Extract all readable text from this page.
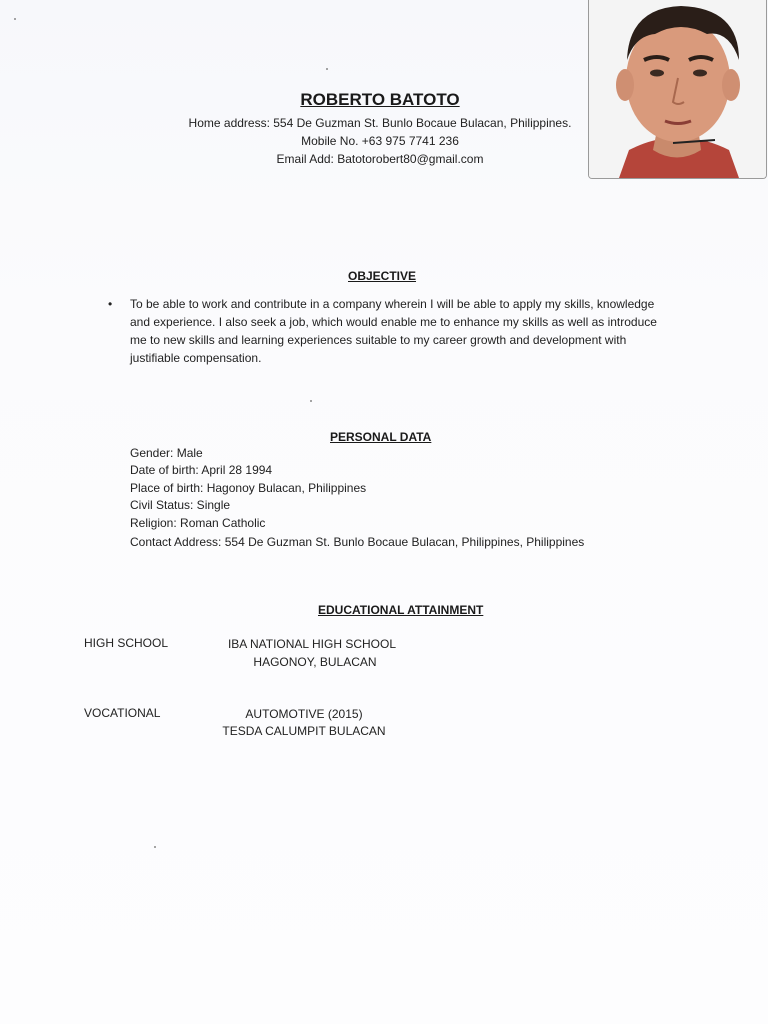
ROBERTO BATOTO
Home address: 554 De Guzman St. Bunlo Bocaue Bulacan, Philippines.
Mobile No. +63 975 7741 236
Email Add: Batotorobert80@gmail.com
OBJECTIVE
• To be able to work and contribute in a company wherein I will be able to apply my skills, knowledge and experience. I also seek a job, which would enable me to enhance my skills as well as introduce me to new skills and learning experiences suitable to my career growth and development with justifiable compensation.
PERSONAL DATA
Gender: Male
Date of birth: April 28 1994
Place of birth: Hagonoy Bulacan, Philippines
Civil Status: Single
Religion: Roman Catholic
Contact Address: 554 De Guzman St. Bunlo Bocaue Bulacan, Philippines, Philippines
EDUCATIONAL ATTAINMENT
HIGH SCHOOL	IBA NATIONAL HIGH SCHOOL
HAGONOY, BULACAN
VOCATIONAL	AUTOMOTIVE (2015)
TESDA CALUMPIT BULACAN
